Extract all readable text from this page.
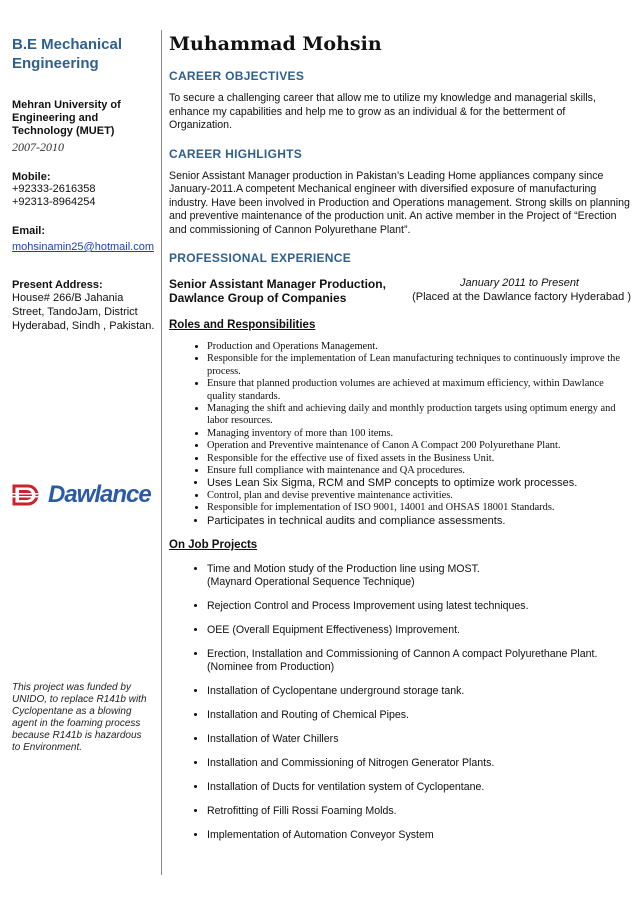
B.E Mechanical Engineering
Mehran University of Engineering and Technology (MUET)
2007-2010
Mobile:
+92333-2616358
+92313-8964254
Email:
mohsinamin25@hotmail.com
Present Address:
House# 266/B Jahania Street, TandoJam, District Hyderabad, Sindh , Pakistan.
Dawlance
This project was funded by UNIDO, to replace R141b with Cyclopentane as a blowing agent in the foaming process because R141b is hazardous to Environment.
Muhammad Mohsin
CAREER OBJECTIVES
To secure a challenging career that allow me to utilize my knowledge and managerial skills, enhance my capabilities and help me to grow as an individual & for the betterment of Organization.
CAREER HIGHLIGHTS
Senior Assistant Manager production in Pakistan’s Leading Home appliances company since January-2011.A competent Mechanical engineer with diversified exposure of manufacturing industry. Have been involved in Production and Operations management. Strong skills on planning and preventive maintenance of the production unit. An active member in the Project of “Erection and commissioning of Cannon Polyurethane Plant”.
PROFESSIONAL EXPERIENCE
Senior Assistant Manager Production,	January 2011 to Present
Dawlance Group of Companies	(Placed at the Dawlance factory Hyderabad )
Roles and Responsibilities
• Production and Operations Management.
• Responsible for the implementation of Lean manufacturing techniques to continuously improve the process.
• Ensure that planned production volumes are achieved at maximum efficiency, within Dawlance quality standards.
• Managing the shift and achieving daily and monthly production targets using optimum energy and labor resources.
• Managing inventory of more than 100 items.
• Operation and Preventive maintenance of Canon A Compact 200 Polyurethane Plant.
• Responsible for the effective use of fixed assets in the Business Unit.
• Ensure full compliance with maintenance and QA procedures.
• Uses Lean Six Sigma, RCM and SMP concepts to optimize work processes.
• Control, plan and devise preventive maintenance activities.
• Responsible for implementation of ISO 9001, 14001 and OHSAS 18001 Standards.
• Participates in technical audits and compliance assessments.
On Job Projects
• Time and Motion study of the Production line using MOST.
(Maynard Operational Sequence Technique)
• Rejection Control and Process Improvement using latest techniques.
• OEE (Overall Equipment Effectiveness) Improvement.
• Erection, Installation and Commissioning of Cannon A compact Polyurethane Plant.
(Nominee from Production)
• Installation of Cyclopentane underground storage tank.
• Installation and Routing of Chemical Pipes.
• Installation of Water Chillers
• Installation and Commissioning of Nitrogen Generator Plants.
• Installation of Ducts for ventilation system of Cyclopentane.
• Retrofitting of Filli Rossi Foaming Molds.
• Implementation of Automation Conveyor System
